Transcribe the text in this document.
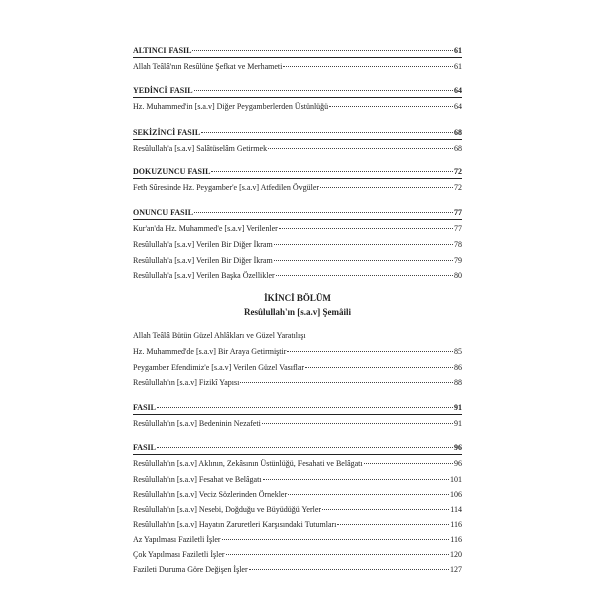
ALTINCI FASIL	61
Allah Teâlâ'nın Resûlüne Şefkat ve Merhameti	61
YEDİNCİ FASIL	64
Hz. Muhammed'in [s.a.v] Diğer Peygamberlerden Üstünlüğü	64
SEKİZİNCİ FASIL	68
Resûlullah'a [s.a.v] Salâtüselâm Getirmek	68
DOKUZUNCU FASIL	72
Feth Sûresinde Hz. Peygamber'e [s.a.v] Atfedilen Övgüler	72
ONUNCU FASIL	77
Kur'an'da Hz. Muhammed'e [s.a.v] Verilenler	77
Resûlullah'a [s.a.v] Verilen Bir Diğer İkram	78
Resûlullah'a [s.a.v] Verilen Bir Diğer İkram	79
Resûlullah'a [s.a.v] Verilen Başka Özellikler	80
İKİNCİ BÖLÜM
Resûlullah'ın [s.a.v] Şemâili
Allah Teâlâ Bütün Güzel Ahlâkları ve Güzel Yaratılışı
Hz. Muhammed'de [s.a.v] Bir Araya Getirmiştir	85
Peygamber Efendimiz'e [s.a.v] Verilen Güzel Vasıflar	86
Resûlullah'ın [s.a.v] Fizikî Yapısı	88
FASIL	91
Resûlullah'ın [s.a.v] Bedeninin Nezafeti	91
FASIL	96
Resûlullah'ın [s.a.v] Aklının, Zekâsının Üstünlüğü, Fesahati ve Belâgatı	96
Resûlullah'ın [s.a.v] Fesahat ve Belâgatı	101
Resûlullah'ın [s.a.v] Veciz Sözlerinden Örnekler	106
Resûlullah'ın [s.a.v] Nesebi, Doğduğu ve Büyüdüğü Yerler	114
Resûlullah'ın [s.a.v] Hayatın Zaruretleri Karşısındaki Tutumları	116
Az Yapılması Faziletli İşler	116
Çok Yapılması Faziletli İşler	120
Fazileti Duruma Göre Değişen İşler	127
